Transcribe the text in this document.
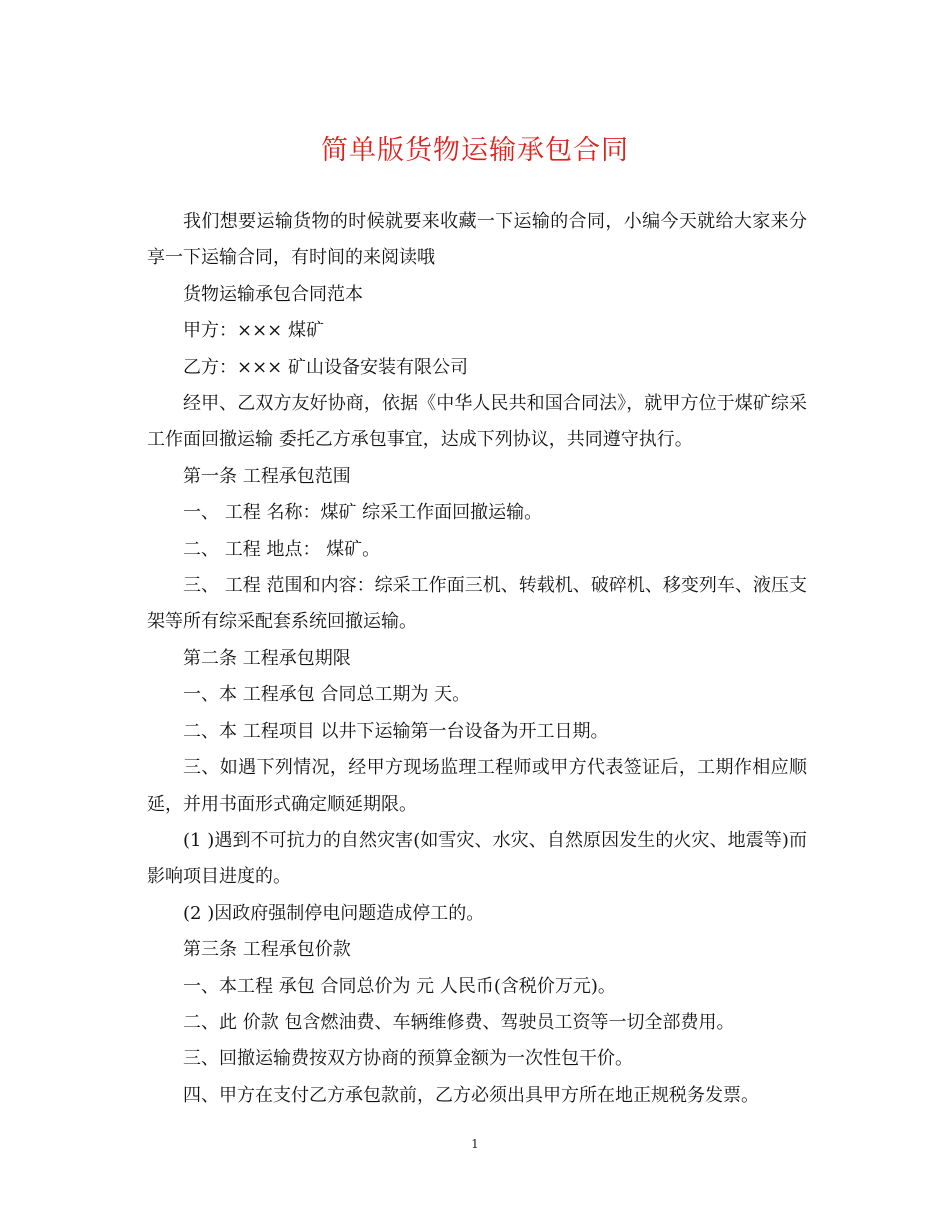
简单版货物运输承包合同

我们想要运输货物的时候就要来收藏一下运输的合同，小编今天就给大家来分享一下运输合同，有时间的来阅读哦

货物运输承包合同范本

甲方：××× 煤矿

乙方：××× 矿山设备安装有限公司

经甲、乙双方友好协商，依据《中华人民共和国合同法》，就甲方位于煤矿综采工作面回撤运输 委托乙方承包事宜，达成下列协议，共同遵守执行。

第一条 工程承包范围

一、 工程 名称：煤矿 综采工作面回撤运输。

二、 工程 地点： 煤矿。

三、 工程 范围和内容：综采工作面三机、转载机、破碎机、移变列车、液压支架等所有综采配套系统回撤运输。

第二条 工程承包期限

一、本 工程承包 合同总工期为 天。

二、本 工程项目 以井下运输第一台设备为开工日期。

三、如遇下列情况，经甲方现场监理工程师或甲方代表签证后，工期作相应顺延，并用书面形式确定顺延期限。

(1 )遇到不可抗力的自然灾害(如雪灾、水灾、自然原因发生的火灾、地震等)而影响项目进度的。

(2 )因政府强制停电问题造成停工的。

第三条 工程承包价款

一、本工程 承包 合同总价为 元 人民币(含税价万元)。

二、此 价款 包含燃油费、车辆维修费、驾驶员工资等一切全部费用。

三、回撤运输费按双方协商的预算金额为一次性包干价。

四、甲方在支付乙方承包款前，乙方必须出具甲方所在地正规税务发票。

1
